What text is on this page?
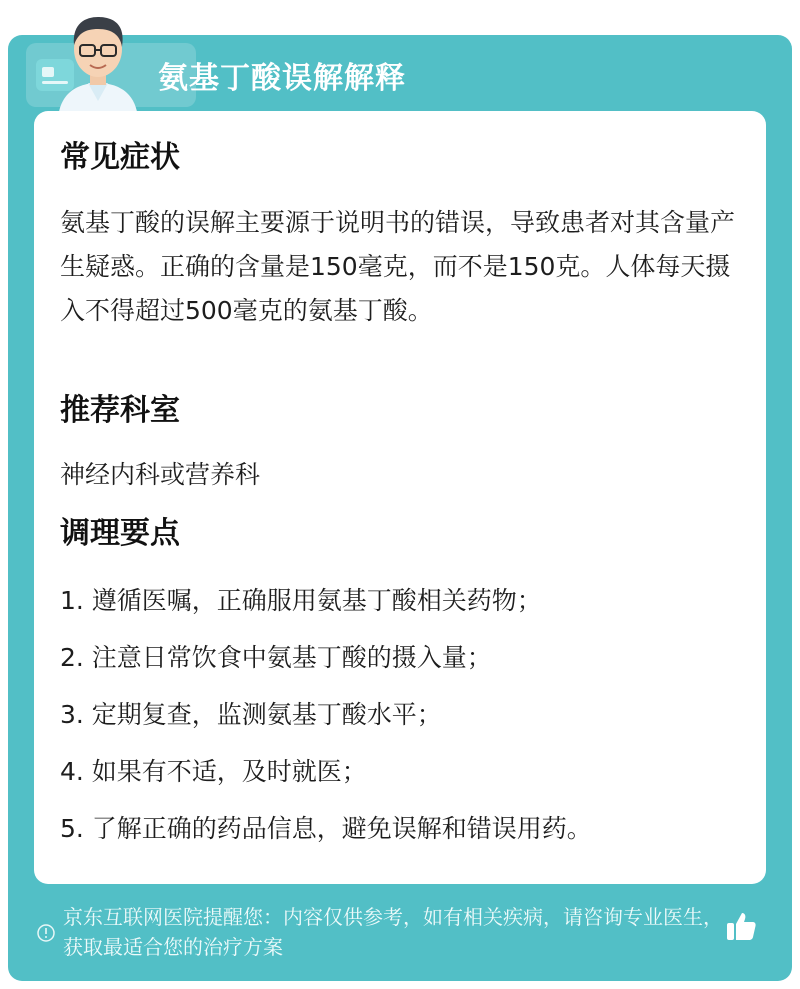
氨基丁酸误解解释
常见症状

氨基丁酸的误解主要源于说明书的错误，导致患者对其含量产生疑惑。正确的含量是150毫克，而不是150克。人体每天摄入不得超过500毫克的氨基丁酸。

推荐科室

神经内科或营养科

调理要点
1. 遵循医嘱，正确服用氨基丁酸相关药物；
2. 注意日常饮食中氨基丁酸的摄入量；
3. 定期复查，监测氨基丁酸水平；
4. 如果有不适，及时就医；
5. 了解正确的药品信息，避免误解和错误用药。
京东互联网医院提醒您：内容仅供参考，如有相关疾病，请咨询专业医生，获取最适合您的治疗方案
